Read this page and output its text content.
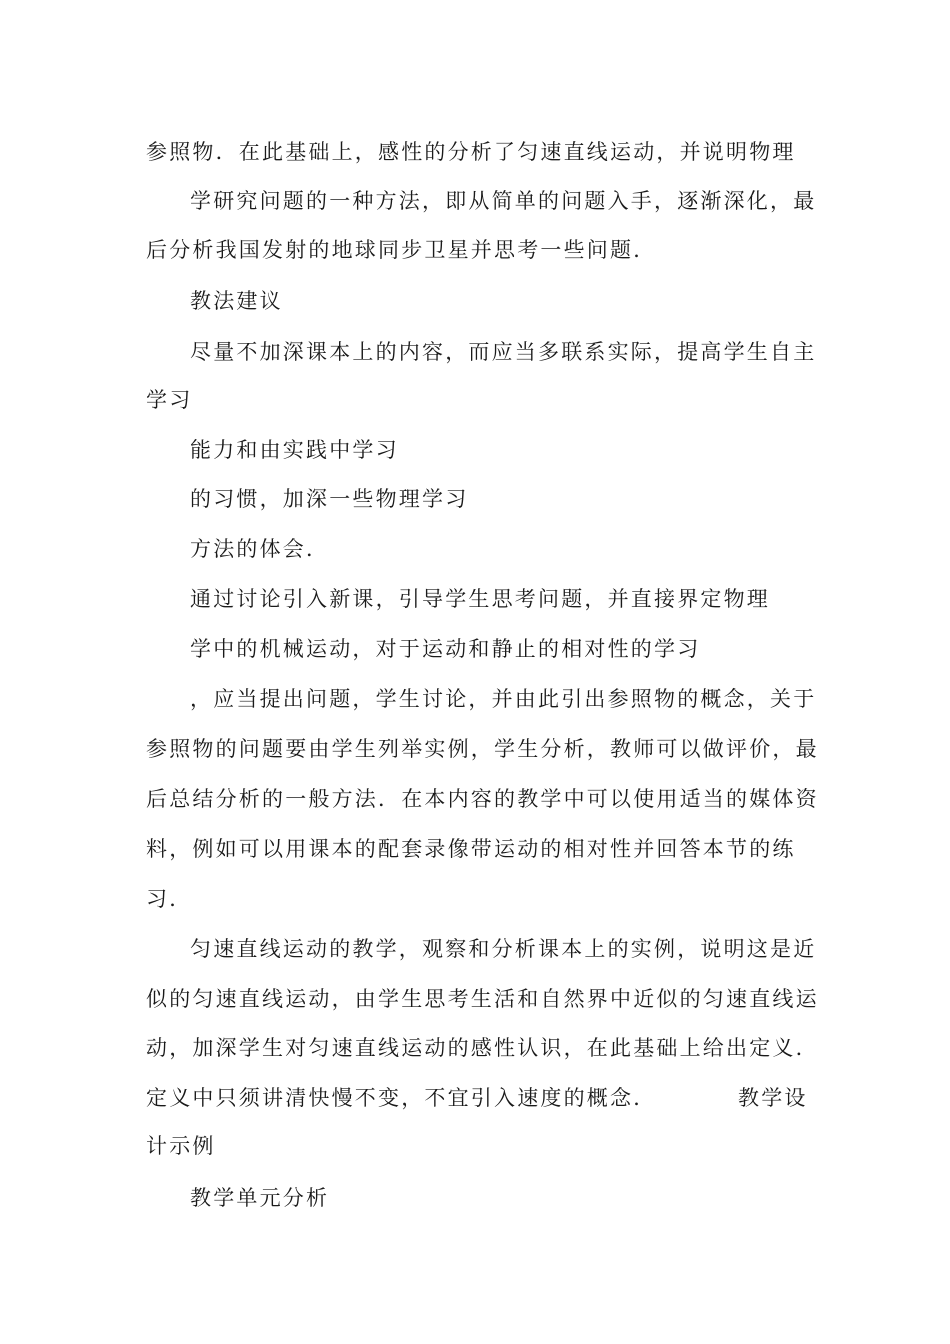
参照物．在此基础上，感性的分析了匀速直线运动，并说明物理
学研究问题的一种方法，即从简单的问题入手，逐渐深化，最
后分析我国发射的地球同步卫星并思考一些问题．
教法建议
尽量不加深课本上的内容，而应当多联系实际，提高学生自主
学习
能力和由实践中学习
的习惯，加深一些物理学习
方法的体会．
通过讨论引入新课，引导学生思考问题，并直接界定物理
学中的机械运动，对于运动和静止的相对性的学习
，应当提出问题，学生讨论，并由此引出参照物的概念，关于
参照物的问题要由学生列举实例，学生分析，教师可以做评价，最
后总结分析的一般方法．在本内容的教学中可以使用适当的媒体资
料，例如可以用课本的配套录像带运动的相对性并回答本节的练
习．
匀速直线运动的教学，观察和分析课本上的实例，说明这是近
似的匀速直线运动，由学生思考生活和自然界中近似的匀速直线运
动，加深学生对匀速直线运动的感性认识，在此基础上给出定义．
定义中只须讲清快慢不变，不宜引入速度的概念．	教学设
计示例
教学单元分析
